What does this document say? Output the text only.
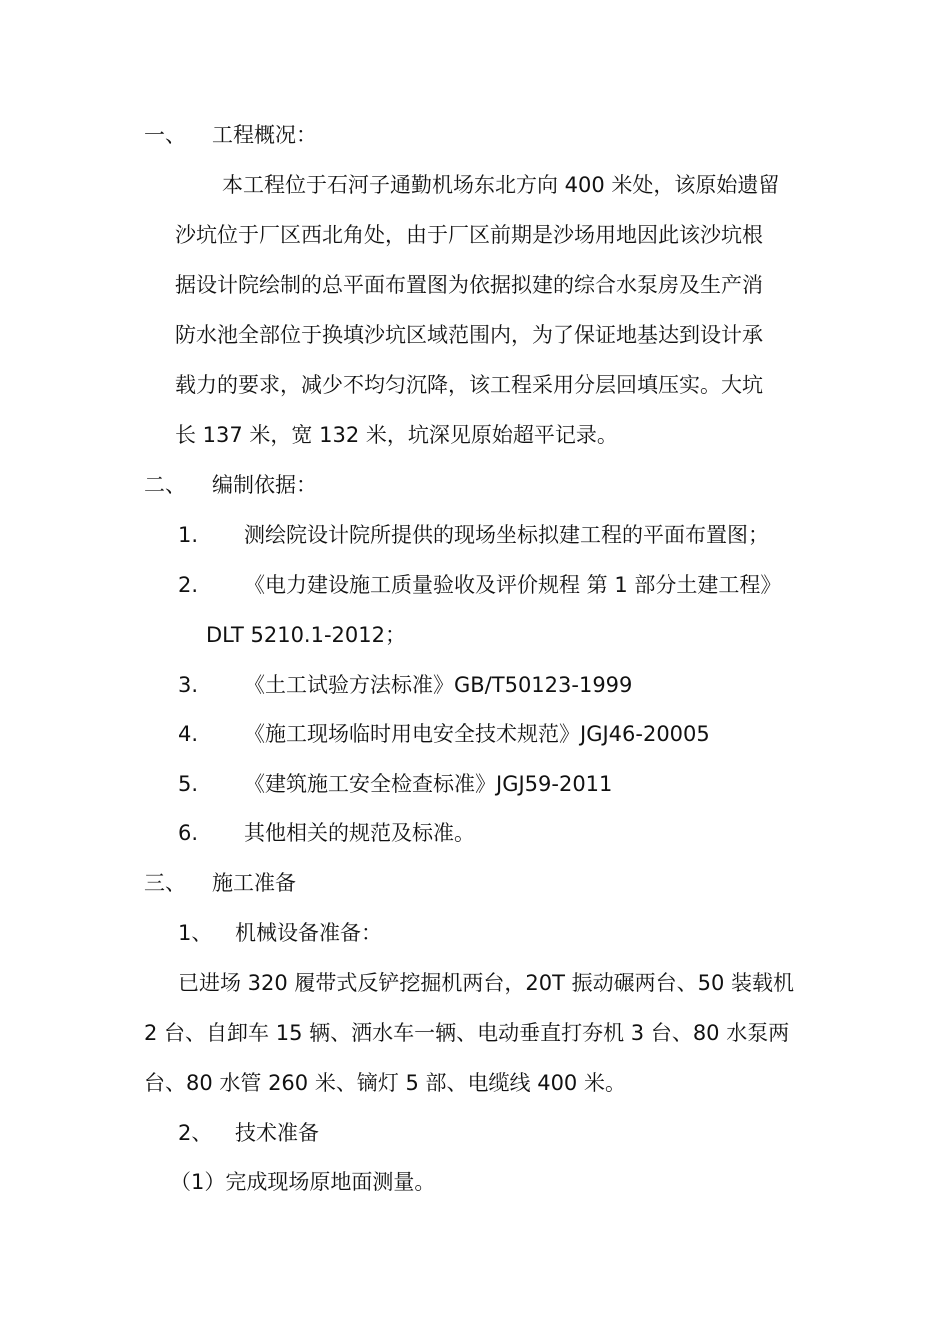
一、 工程概况：
本工程位于石河子通勤机场东北方向 400 米处，该原始遗留
沙坑位于厂区西北角处，由于厂区前期是沙场用地因此该沙坑根
据设计院绘制的总平面布置图为依据拟建的综合水泵房及生产消
防水池全部位于换填沙坑区域范围内，为了保证地基达到设计承
载力的要求，减少不均匀沉降，该工程采用分层回填压实。大坑
长 137 米，宽 132 米，坑深见原始超平记录。
二、 编制依据：
1. 测绘院设计院所提供的现场坐标拟建工程的平面布置图；
2. 《电力建设施工质量验收及评价规程 第 1 部分土建工程》
DLT 5210.1-2012；
3. 《土工试验方法标准》GB/T50123-1999
4. 《施工现场临时用电安全技术规范》JGJ46-20005
5. 《建筑施工安全检查标准》JGJ59-2011
6. 其他相关的规范及标准。
三、 施工准备
1、 机械设备准备：
已进场 320 履带式反铲挖掘机两台，20T 振动碾两台、50 装载机
2 台、自卸车 15 辆、洒水车一辆、电动垂直打夯机 3 台、80 水泵两
台、80 水管 260 米、镝灯 5 部、电缆线 400 米。
2、 技术准备
（1）完成现场原地面测量。
